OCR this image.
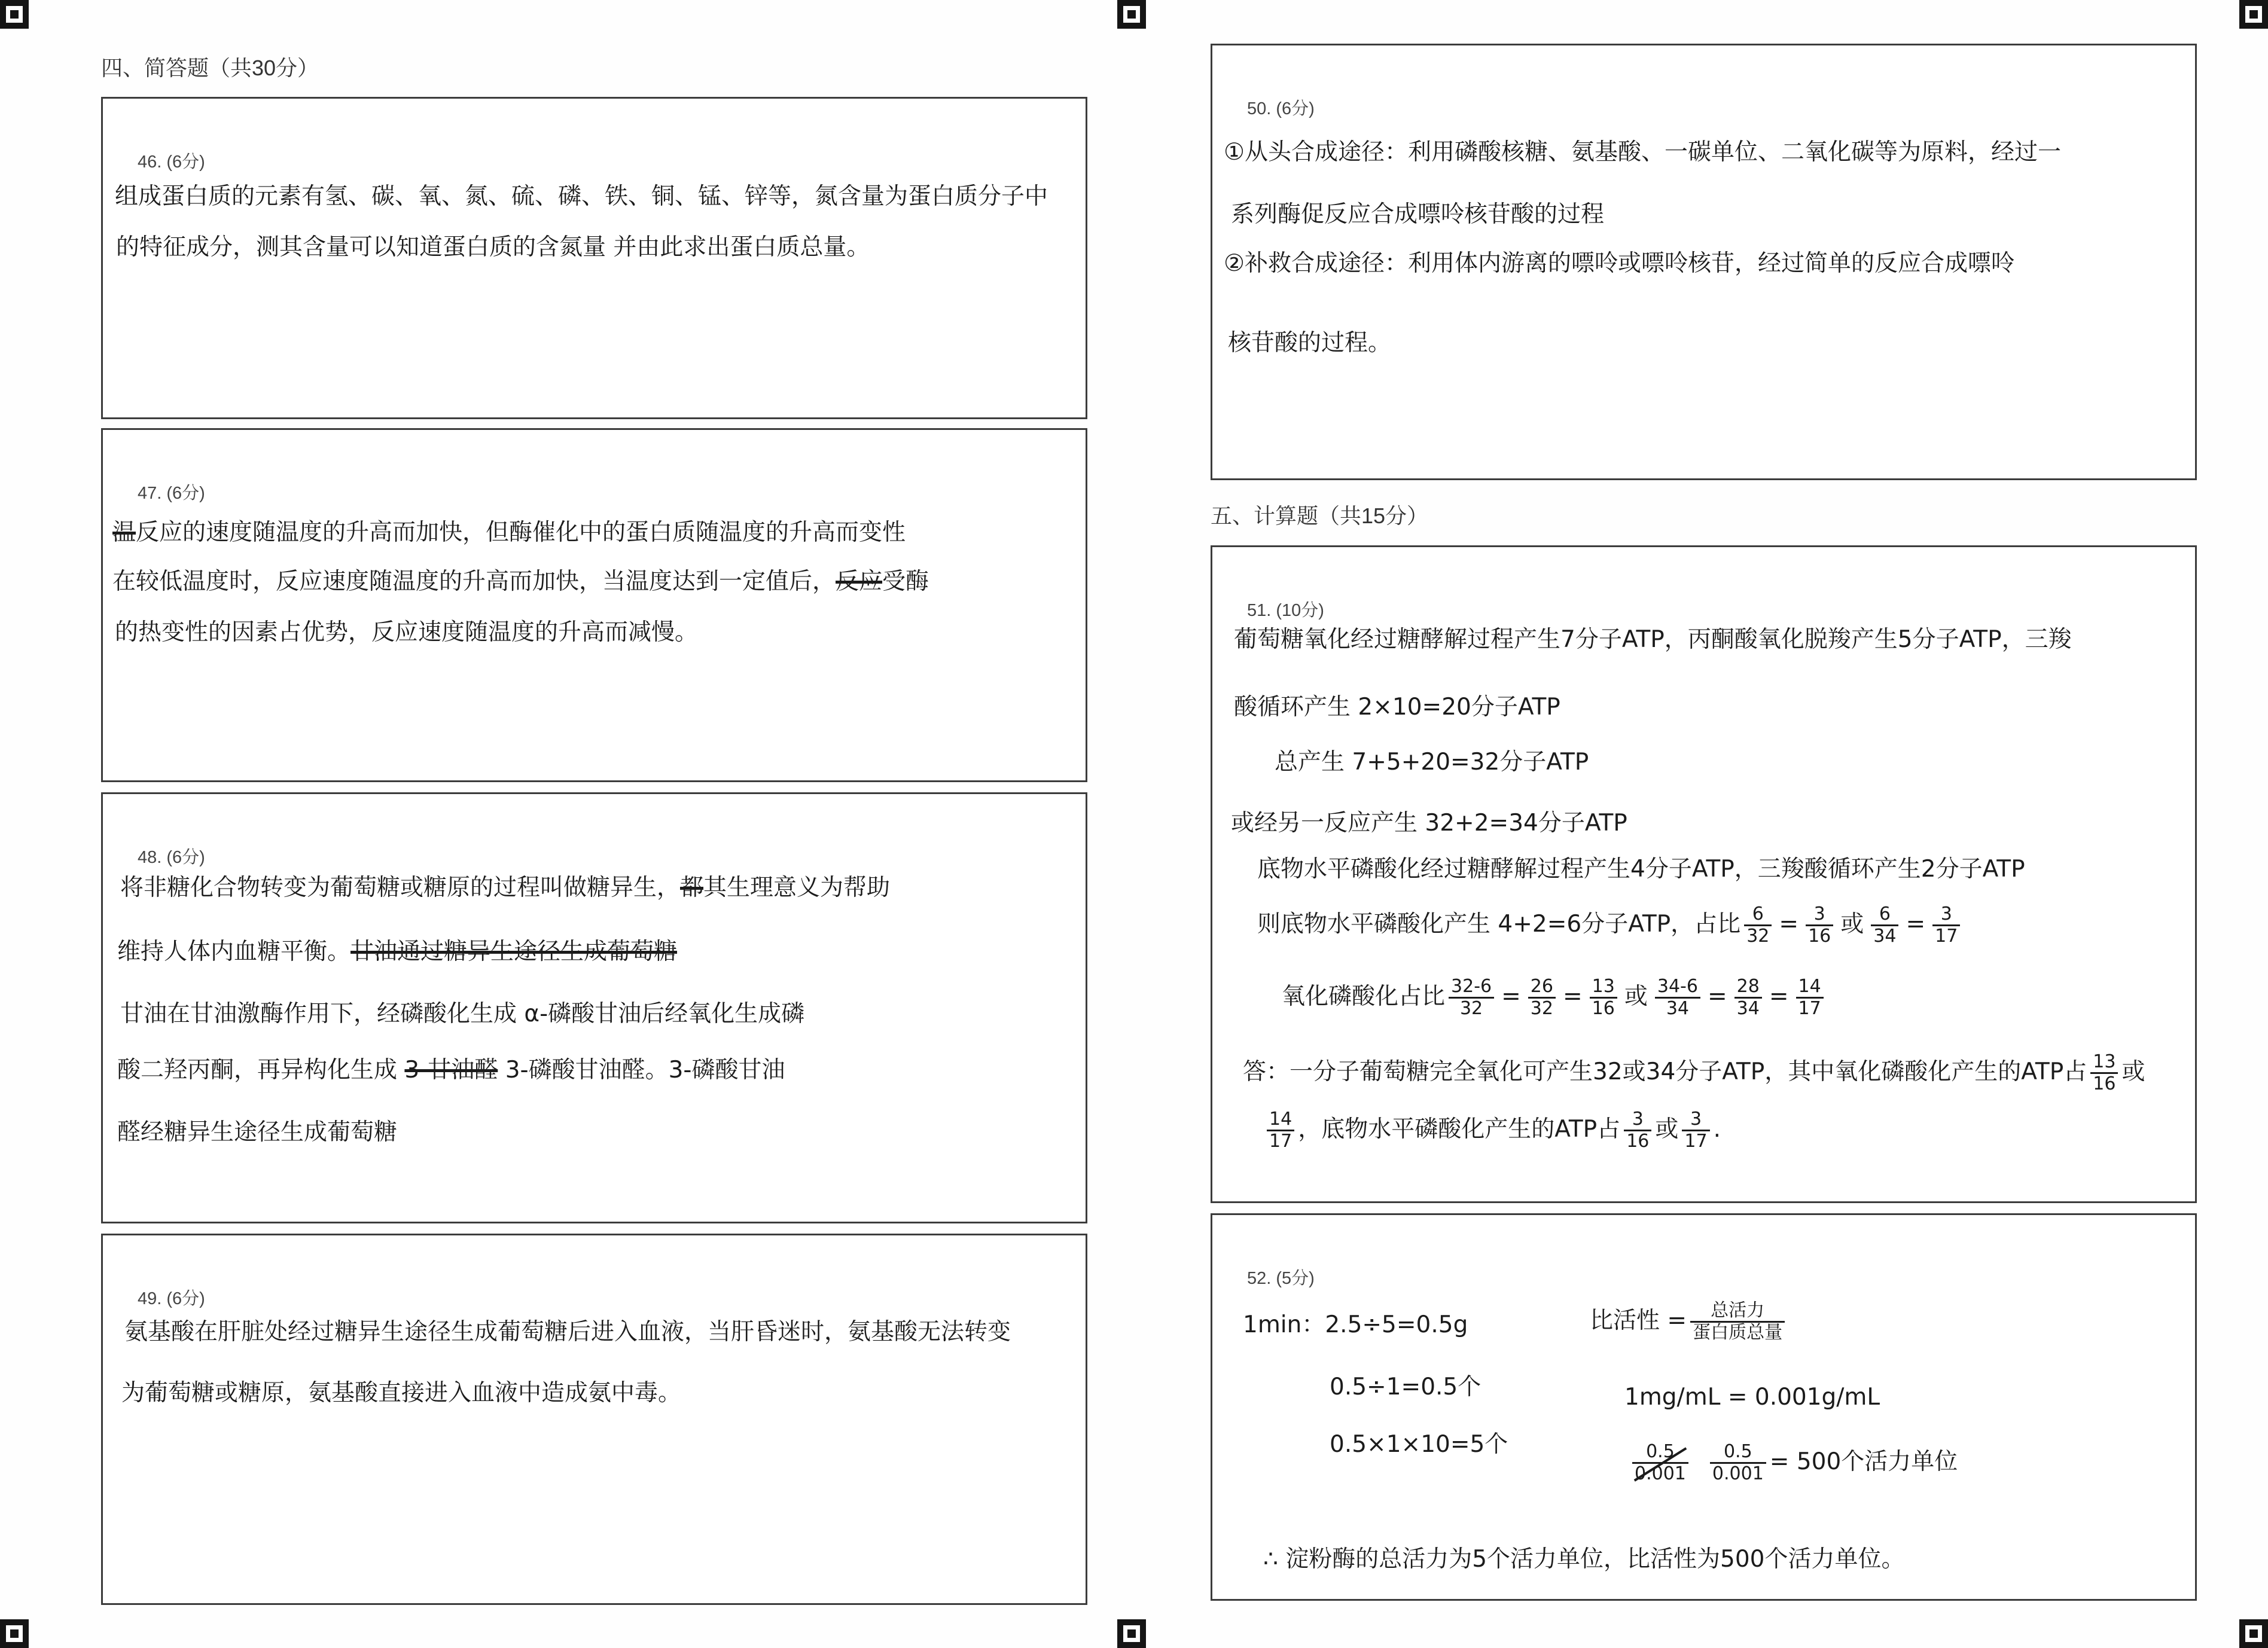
四、简答题（共30分）
46. (6分)
组成蛋白质的元素有氢、碳、氧、氮、硫、磷、铁、铜、锰、锌等，氮含量为蛋白质分子中
的特征成分，测其含量可以知道蛋白质的含氮量 并由此求出蛋白质总量。
47. (6分)
温反应的速度随温度的升高而加快，但酶催化中的蛋白质随温度的升高而变性
在较低温度时，反应速度随温度的升高而加快，当温度达到一定值后，反应受酶
的热变性的因素占优势，反应速度随温度的升高而减慢。
48. (6分)
将非糖化合物转变为葡萄糖或糖原的过程叫做糖异生，都其生理意义为帮助
维持人体内血糖平衡。甘油通过糖异生途径生成葡萄糖
甘油在甘油激酶作用下，经磷酸化生成 α-磷酸甘油后经氧化生成磷
酸二羟丙酮，再异构化生成 3-甘油醛 3-磷酸甘油醛。3-磷酸甘油
醛经糖异生途径生成葡萄糖
49. (6分)
氨基酸在肝脏处经过糖异生途径生成葡萄糖后进入血液，当肝昏迷时，氨基酸无法转变
为葡萄糖或糖原，氨基酸直接进入血液中造成氨中毒。
50. (6分)
①从头合成途径：利用磷酸核糖、氨基酸、一碳单位、二氧化碳等为原料，经过一
系列酶促反应合成嘌呤核苷酸的过程
②补救合成途径：利用体内游离的嘌呤或嘌呤核苷，经过简单的反应合成嘌呤
核苷酸的过程。
五、计算题（共15分）
51. (10分)
葡萄糖氧化经过糖酵解过程产生7分子ATP，丙酮酸氧化脱羧产生5分子ATP，三羧
酸循环产生 2×10=20分子ATP
总产生 7+5+20=32分子ATP
或经另一反应产生 32+2=34分子ATP
底物水平磷酸化经过糖酵解过程产生4分子ATP，三羧酸循环产生2分子ATP
则底物水平磷酸化产生 4+2=6分子ATP，占比 $\frac{6}{32} = \frac{3}{16}$ 或 $\frac{6}{34} = \frac{3}{17}$
氧化磷酸化占比 $\frac{32-6}{32} = \frac{26}{32} = \frac{13}{16}$ 或 $\frac{34-6}{34} = \frac{28}{34} = \frac{14}{17}$
答：一分子葡萄糖完全氧化可产生32或34分子ATP，其中氧化磷酸化产生的ATP占 $\frac{13}{16}$ 或
$\frac{14}{17}$ ，底物水平磷酸化产生的ATP占 $\frac{3}{16}$ 或 $\frac{3}{17}$ .
52. (5分)
1min：2.5÷5=0.5g
0.5÷1=0.5个
0.5×1×10=5个
比活性 = $\frac{\text{总活力}}{\text{蛋白质总量}}$
1mg/mL = 0.001g/mL
$\frac{0.5}{0.001} \frac{0.5}{0.001} = 500$个活力单位
∴ 淀粉酶的总活力为5个活力单位，比活性为500个活力单位。
